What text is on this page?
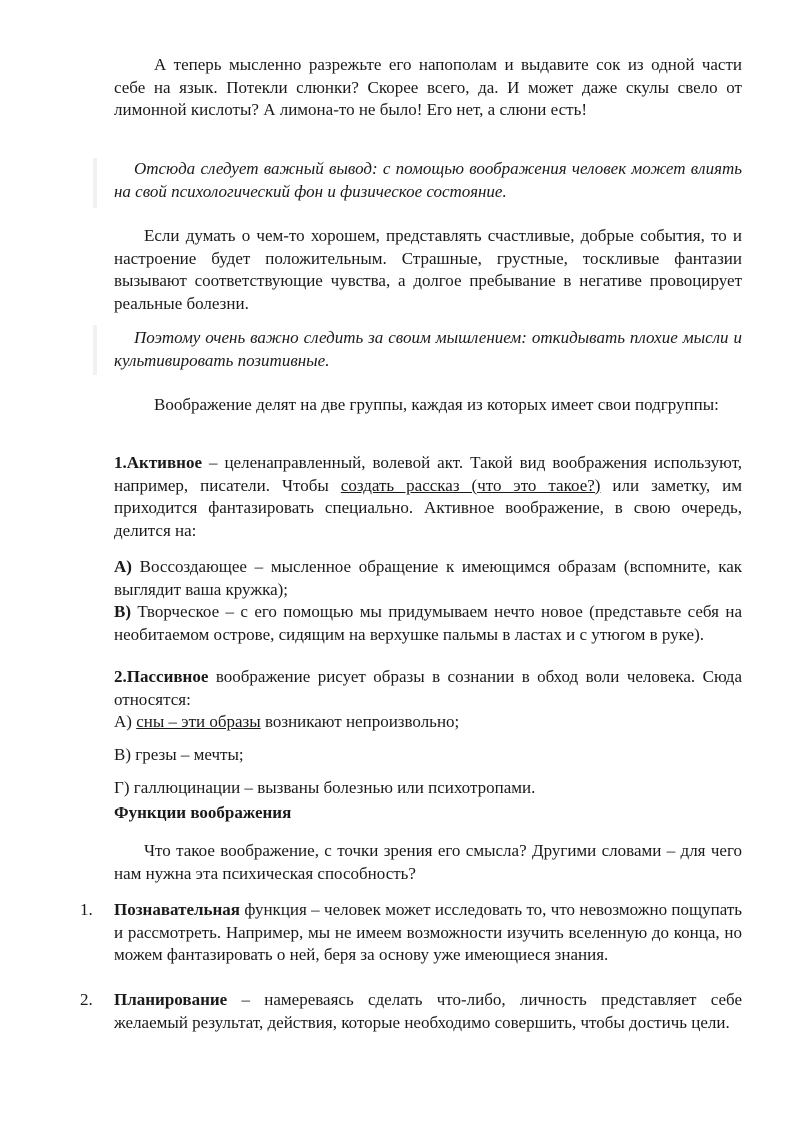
А теперь мысленно разрежьте его напополам и выдавите сок из одной части себе на язык. Потекли слюнки? Скорее всего, да. И может даже скулы свело от лимонной кислоты? А лимона-то не было! Его нет, а слюни есть!

Отсюда следует важный вывод: с помощью воображения человек может влиять на свой психологический фон и физическое состояние.

Если думать о чем-то хорошем, представлять счастливые, добрые события, то и настроение будет положительным. Страшные, грустные, тоскливые фантазии вызывают соответствующие чувства, а долгое пребывание в негативе провоцирует реальные болезни.

Поэтому очень важно следить за своим мышлением: откидывать плохие мысли и культивировать позитивные.

Воображение делят на две группы, каждая из которых имеет свои подгруппы:

1.Активное – целенаправленный, волевой акт. Такой вид воображения используют, например, писатели. Чтобы создать рассказ (что это такое?) или заметку, им приходится фантазировать специально. Активное воображение, в свою очередь, делится на:

А) Воссоздающее – мысленное обращение к имеющимся образам (вспомните, как выглядит ваша кружка);

В) Творческое – с его помощью мы придумываем нечто новое (представьте себя на необитаемом острове, сидящим на верхушке пальмы в ластах и с утюгом в руке).

2.Пассивное воображение рисует образы в сознании в обход воли человека. Сюда относятся:

А) сны – эти образы возникают непроизвольно;

В) грезы – мечты;

Г) галлюцинации – вызваны болезнью или психотропами.

Функции воображения

Что такое воображение, с точки зрения его смысла? Другими словами – для чего нам нужна эта психическая способность?

1. Познавательная функция – человек может исследовать то, что невозможно пощупать и рассмотреть. Например, мы не имеем возможности изучить вселенную до конца, но можем фантазировать о ней, беря за основу уже имеющиеся знания.
2. Планирование – намереваясь сделать что-либо, личность представляет себе желаемый результат, действия, которые необходимо совершить, чтобы достичь цели.
